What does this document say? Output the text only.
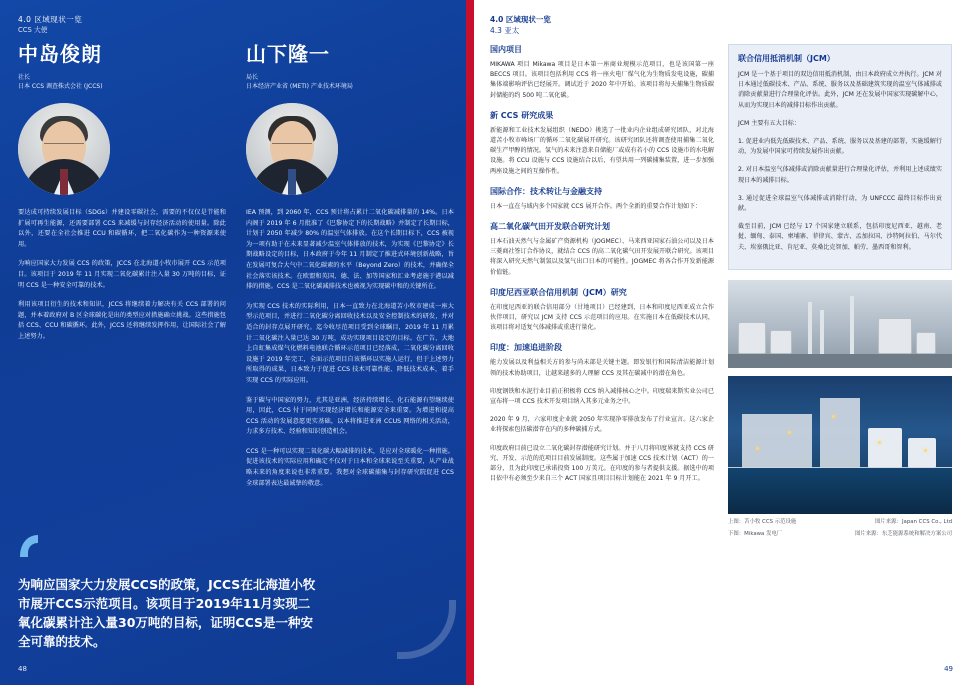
4.0 区域现状一览
CCS 大使
中岛俊朗
社长
日本 CCS 调查株式会社 (JCCS)

要达成可持续发展目标（SDGs）并建设零碳社会，需要的不仅仅是节能和扩展可再生能源，还需要部署 CCS 来减缓与封存经济活动的使用量。除此以外，还要在全社会推进 CCU 和碳循环，把二氧化碳作为一种资源来使用。

为响应国家大力发展 CCS 的政策，JCCS 在北海道小牧市展开 CCS 示范项目。该项目于 2019 年 11 月实现二氧化碳累计注入量 30 万吨的目标，证明 CCS 是一种安全可靠的技术。

利用该项目衍生的技术和知识，JCCS 将继续着力解决有关 CCS 部署的问题，并本着政府对 B 区全球碳化是出的类型应对措施确立挑战。这些措施包括 CCS、CCU 和碳循环。此外，JCCS 还将继续发挥作用，让国际社会了解上述努力。

山下隆一
局长
日本经济产业省 (METI) 产业技术环境局

IEA 预测，到 2060 年，CCS 预计将占累计二氧化碳减排量的 14%。日本内阁于 2019 年 6 月批准了《巴黎协定下的长期战略》并制定了长期目标，计划于 2050 年减少 80% 的温室气体排放。在这个长期目标下，CCS 被视为一项有助于在未来显著减少温室气体排放的技术，为实现《巴黎协定》长期战略设定的目标，日本政府于今年 11 月制定了推进式环境创新战略，旨在发展可复合大气中二氧化碳素的水平（Beyond Zero）的技术，并确保全社会落实该技术。在欧盟和英国、德、法、加等国家和汇业考虑施于港以减排的措施。CCS 是二氧化碳减排技术也被视为实现碳中和的关键所在。

为实现 CCS 技术的实际利用，日本一直致力在北海道苫小牧市建成一座大型示范项目，并进行二氧化碳分离回收技术以及安全控制技术的研发，并对适合的封存点展开研究。迄今收尽范项目受到全球瞩目，2019 年 11 月累计二氧化碳注入量已达 30 万吨，成功实现项目设定的目标。在广告、大地上自虹集成煤气化燃料电池联合循环示范项目已经落成，二氧化碳分离回收设施于 2019 年完工，全面示范项目自该循环以实施人运行，但于上述努力所取得的成果，日本致力于促进 CCS 技术可靠性能、降低技术成本，着手实现 CCS 的实际应用。

鉴于碳与中国家的努力，尤其是亚洲，经济持续增长、化石能源有望继续使用，因此，CCS 付于同时实现经济增长和能源安全来重要。为增进和提高 CCS 活动的发展意愿更实基础，以本将推进亚洲 CCUS 网络的相关活动，力求多方技术、经验和知识创造机会。

CCS 是一种可以实现二氧化碳大幅减排的技术，是应对全球暖化一种措施。促进该技术的实际应用和确定不仅对于日本和全球来说至关重要，从产业战略未来的角度来说也非常重要。我想对全球碳捕集与封存研究院促进 CCS 全球部署表达最诚挚的敬意。

为响应国家大力发展CCS的政策，JCCS在北海道小牧市展开CCS示范项目。该项目于2019年11月实现二氧化碳累计注入量30万吨的目标，证明CCS是一种安全可靠的技术。
48
4.0 区域现状一览
4.3 亚太
国内项目

MIKAWA 项目 Mikawa 项目是日本第一座商业规模示范项目，也是该国第一座 BECCS 项目。该项目包括利用 CCS 将一座火电厂煤气化为生物质发电设施，碳捕集体端影响评估已经展开。调试近于 2020 年中开始。该项目将每天捕集生物质碳封储能的约 500 吨二氧化碳。

新 CCS 研究成果

新能源和工业技术发展组织（NEDO）挑选了一批业内企业组成研究团队，对北海道苫小牧市峰场厂的循环二氧化碳展开研究。该研究团队还将调查使用捕集二氧化碳生产甲醇的情况。氢气的未来注意来自储能厂或成有若小的 CCS 设施市的水电解设施。将 CCU 设施与 CCS 设施结合以后，有望共用一列碳捕集装置，进一步加强两座设施之间的互操作性。

国际合作：技术转让与金融支持

日本一直在与域内多个国家就 CCS 展开合作。两个全新的重要合作计划如下：

高二氧化碳气田开发联合研究计划

日本石油天然气与金属矿产资源机构（JOGMEC）、马来西亚国家石油公司以及日本三菱商社签订合作协议，就结合 CCS 的高二氧化碳气田开发展开联合研究。该项目将深入研究天然气制氢以及氢气出口日本的可能性。JOGMEC 将各合作开发新能源价值链。

印度尼西亚联合信用机制（JCM）研究

在印度尼西亚的联合信用部分（甘地项目）已经建到，日本和印度尼西亚成立合作伙伴项目，研究以 JCM 支持 CCS 示范项目的应用。在实施日本在低碳技术认同，该项目将对适复气体减排或重进行量化。

印度：加速追进阶段

能力发展以及利益相关方的参与尚未部是关键主题。即发银行和国际清洁能源计划领的技术协助项目，让越来越多的人理解 CCS 及其在碳减中的潜在角色。

印度钢铁和水泥行业目前正积极将 CCS 纳入减排核心之中。印度瑞来斯实业公司已宣布将一项 CCS 技术开发项目纳入其多元业务之中。

2020 年 9 月，六家印度企业就 2050 年实现净零排放发布了行业宣言。这六家企业将探索包括碳潜存在内的多种碳捕方式。

印度政府目前已设立二氧化碳封存潜能研究计划。并于八月将印度界就支持 CCS 研究、开发、示范的范项目目前发展制度。这些属于加速 CCS 技术计划（ACT）的一部分，且为此印度已承诺投资 100 万美元。在印度的参与者提供支援。据选中的项目依中有必须至少来自三个 ACT 国家且项目目标计划能在 2021 年 9 月开工。

联合信用抵消机制（JCM）

JCM 是一个基于项目的双边信用抵消机制，由日本政府成立并执行。JCM 对日本通过低碳技术、产品、系统、服务以及基础建筑实现的温室气体减排或消除贡献量进行合理量化评估。此外，JCM 还在发展中国家实现碳解中心，从而为实现日本的减排目标作出贡献。

JCM 主要有五大目标：

1. 促进业内低先低碳技术、产品、系统、服务以及基建的部署，实施缓解行动，为发展中国家可持续发展作出贡献。

2. 对日本温室气体减排或消除贡献量进行合理量化评估，并利用上述成绩实现日本的减排目标。

3. 通过促进全球温室气体减排或消除行动，为 UNFCCC 最终目标作出贡献。

截至目前，JCM 已经与 17 个国家建立联系，包括印度尼西亚、越南、老挝、缅甸、泰国、柬埔寨、菲律宾、蒙古、孟加拉国、沙特阿拉伯、马尔代夫、埃塞俄比亚、肯尼亚、莫桑比克智加、帕劳、墨西哥和智利。

上图：苫小牧 CCS 示范设施	图片来源：Japan CCS Co., Ltd
下图：Mikawa 发电厂	图片来源：东芝能源系统和解决方案公司
49
